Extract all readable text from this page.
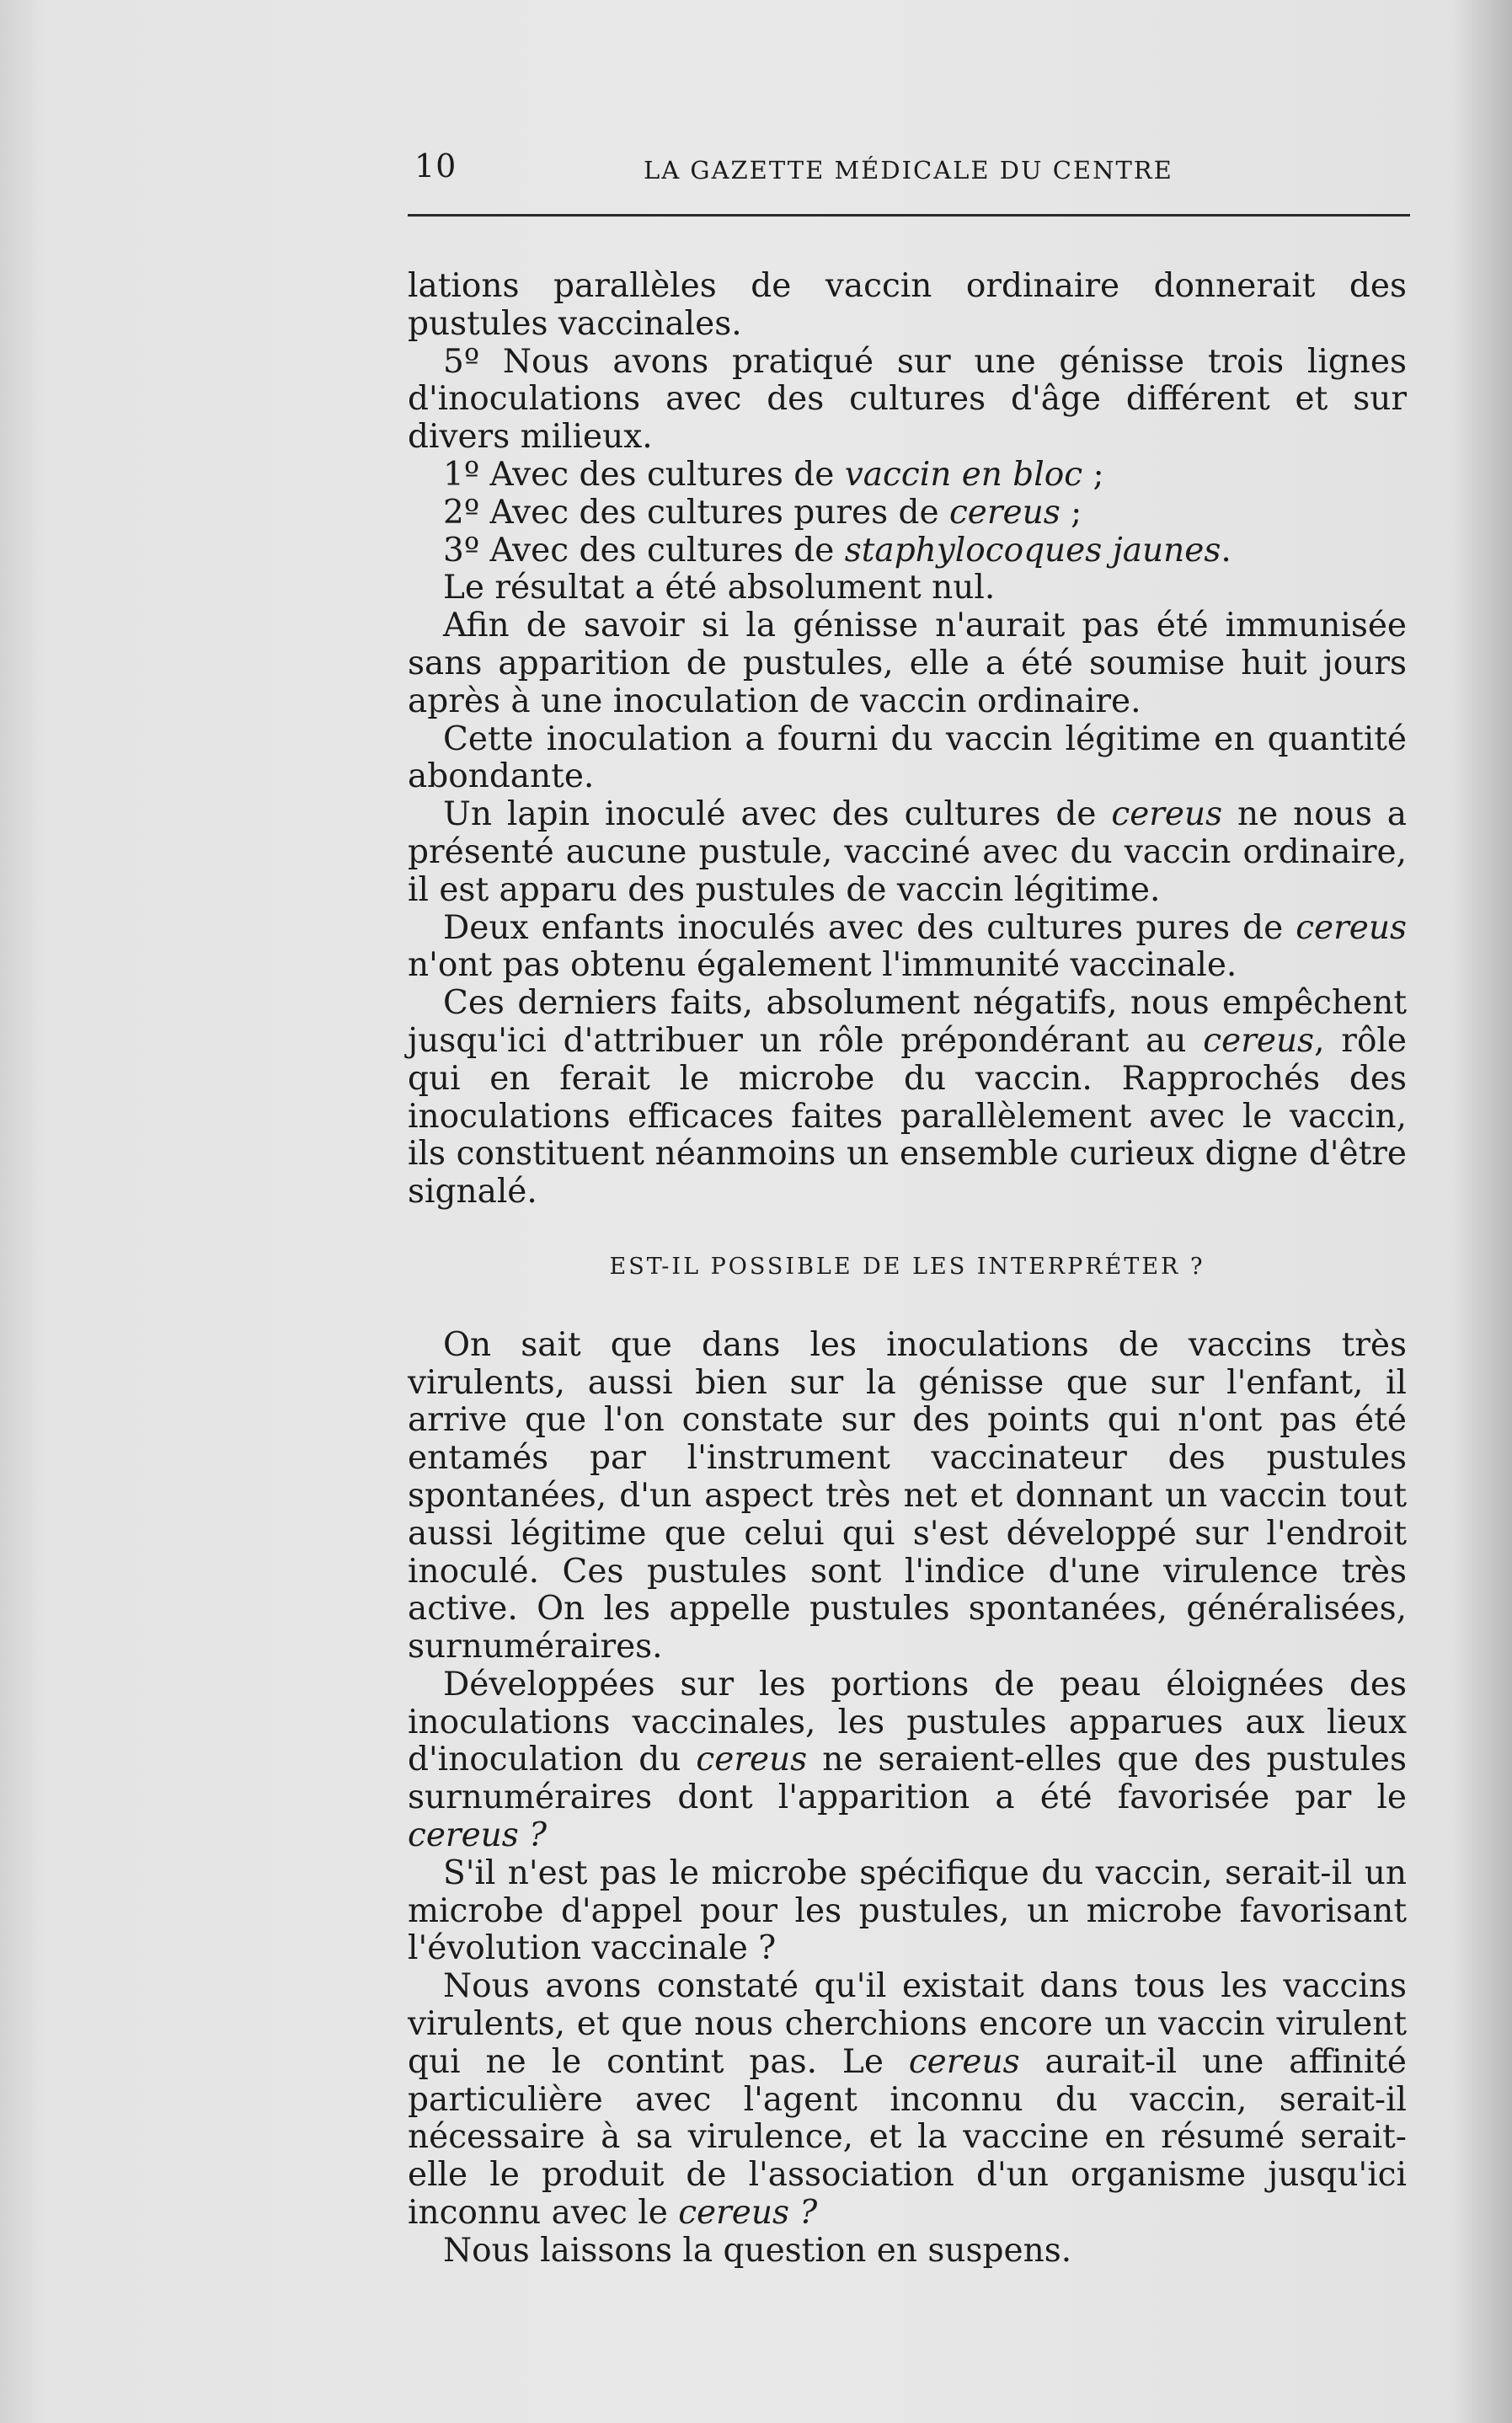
10	LA GAZETTE MÉDICALE DU CENTRE

lations parallèles de vaccin ordinaire donnerait des pustules vaccinales.

5º Nous avons pratiqué sur une génisse trois lignes d'inoculations avec des cultures d'âge différent et sur divers milieux.

1º Avec des cultures de vaccin en bloc ;

2º Avec des cultures pures de cereus ;

3º Avec des cultures de staphylocoques jaunes.

Le résultat a été absolument nul.

Afin de savoir si la génisse n'aurait pas été immunisée sans apparition de pustules, elle a été soumise huit jours après à une inoculation de vaccin ordinaire.

Cette inoculation a fourni du vaccin légitime en quantité abondante.

Un lapin inoculé avec des cultures de cereus ne nous a présenté aucune pustule, vacciné avec du vaccin ordinaire, il est apparu des pustules de vaccin légitime.

Deux enfants inoculés avec des cultures pures de cereus n'ont pas obtenu également l'immunité vaccinale.

Ces derniers faits, absolument négatifs, nous empêchent jusqu'ici d'attribuer un rôle prépondérant au cereus, rôle qui en ferait le microbe du vaccin. Rapprochés des inoculations efficaces faites parallèlement avec le vaccin, ils constituent néanmoins un ensemble curieux digne d'être signalé.

EST-IL POSSIBLE DE LES INTERPRÉTER ?

On sait que dans les inoculations de vaccins très virulents, aussi bien sur la génisse que sur l'enfant, il arrive que l'on constate sur des points qui n'ont pas été entamés par l'instrument vaccinateur des pustules spontanées, d'un aspect très net et donnant un vaccin tout aussi légitime que celui qui s'est développé sur l'endroit inoculé. Ces pustules sont l'indice d'une virulence très active. On les appelle pustules spontanées, généralisées, surnuméraires.

Développées sur les portions de peau éloignées des inoculations vaccinales, les pustules apparues aux lieux d'inoculation du cereus ne seraient-elles que des pustules surnuméraires dont l'apparition a été favorisée par le cereus ?

S'il n'est pas le microbe spécifique du vaccin, serait-il un microbe d'appel pour les pustules, un microbe favorisant l'évolution vaccinale ?

Nous avons constaté qu'il existait dans tous les vaccins virulents, et que nous cherchions encore un vaccin virulent qui ne le contint pas. Le cereus aurait-il une affinité particulière avec l'agent inconnu du vaccin, serait-il nécessaire à sa virulence, et la vaccine en résumé serait-elle le produit de l'association d'un organisme jusqu'ici inconnu avec le cereus ?

Nous laissons la question en suspens.
